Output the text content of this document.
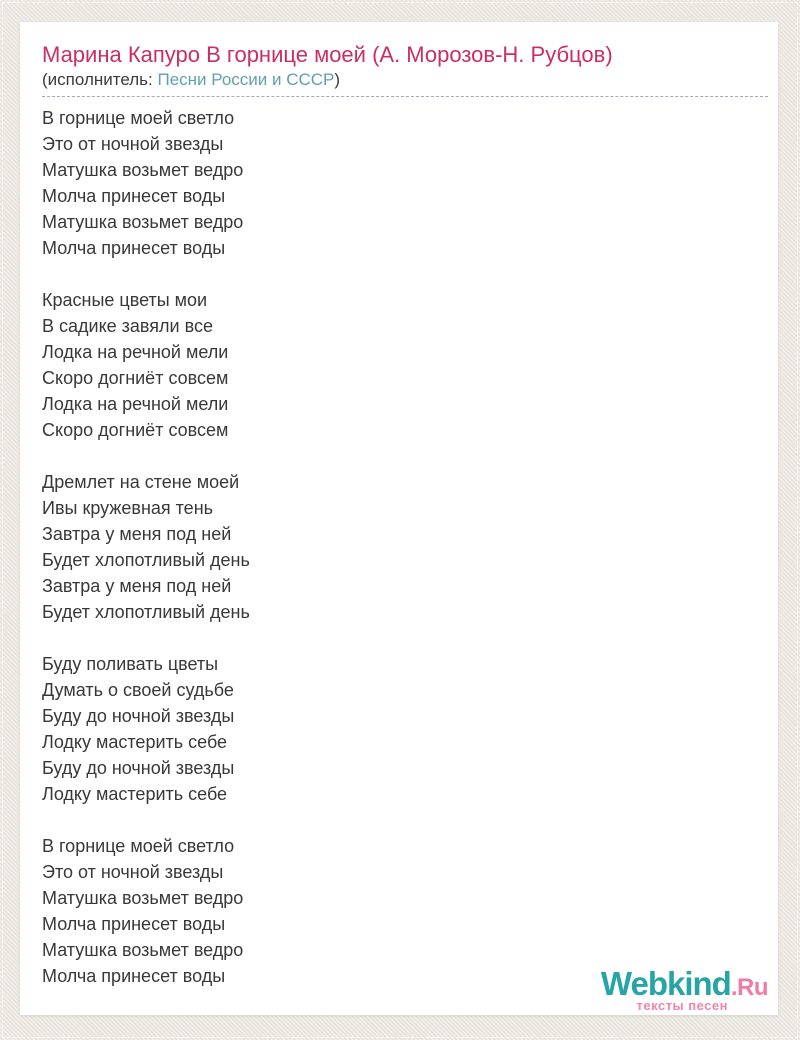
Марина Капуро В горнице моей (А. Морозов-Н. Рубцов)
(исполнитель: Песни России и СССР)

В горнице моей светло
Это от ночной звезды
Матушка возьмет ведро
Молча принесет воды
Матушка возьмет ведро
Молча принесет воды

Красные цветы мои
В садике завяли все
Лодка на речной мели
Скоро догниёт совсем
Лодка на речной мели
Скоро догниёт совсем

Дремлет на стене моей
Ивы кружевная тень
Завтра у меня под ней
Будет хлопотливый день
Завтра у меня под ней
Будет хлопотливый день

Буду поливать цветы
Думать о своей судьбе
Буду до ночной звезды
Лодку мастерить себе
Буду до ночной звезды
Лодку мастерить себе

В горнице моей светло
Это от ночной звезды
Матушка возьмет ведро
Молча принесет воды
Матушка возьмет ведро
Молча принесет воды	Webkind.Ru
тексты песен
